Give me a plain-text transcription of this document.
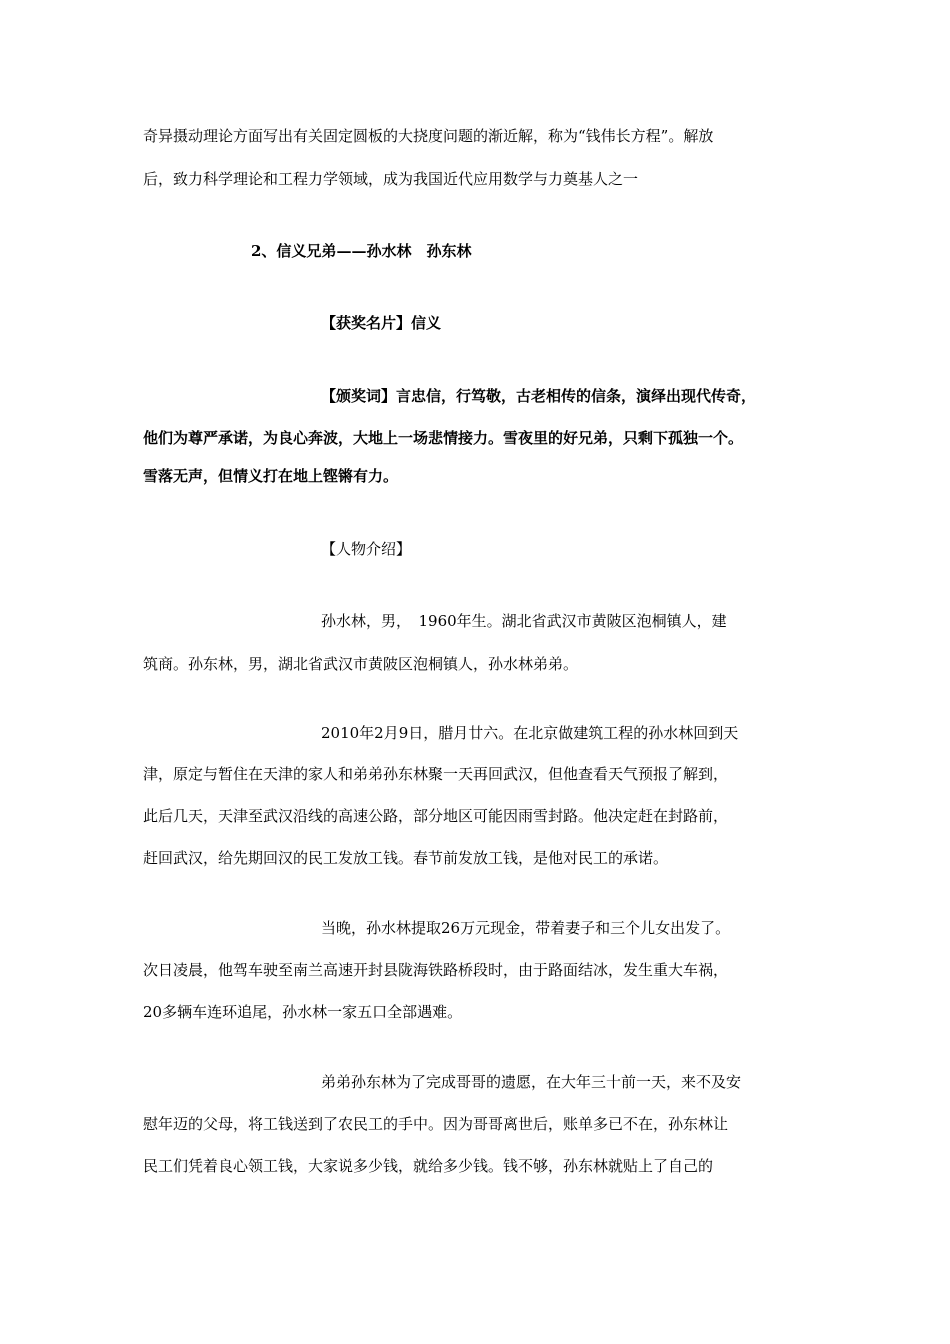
奇异摄动理论方面写出有关固定圆板的大挠度问题的渐近解，称为“钱伟长方程”。解放
后，致力科学理论和工程力学领域，成为我国近代应用数学与力奠基人之一
2、信义兄弟——孙水林　孙东林
【获奖名片】信义
【颁奖词】言忠信，行笃敬，古老相传的信条，演绎出现代传奇，
他们为尊严承诺，为良心奔波，大地上一场悲情接力。雪夜里的好兄弟，只剩下孤独一个。
雪落无声，但情义打在地上铿锵有力。
【人物介绍】
孙水林，男，　1960年生。湖北省武汉市黄陂区泡桐镇人，建
筑商。孙东林，男，湖北省武汉市黄陂区泡桐镇人，孙水林弟弟。
2010年2月9日，腊月廿六。在北京做建筑工程的孙水林回到天
津，原定与暂住在天津的家人和弟弟孙东林聚一天再回武汉，但他查看天气预报了解到，
此后几天，天津至武汉沿线的高速公路，部分地区可能因雨雪封路。他决定赶在封路前，
赶回武汉，给先期回汉的民工发放工钱。春节前发放工钱，是他对民工的承诺。
当晚，孙水林提取26万元现金，带着妻子和三个儿女出发了。
次日凌晨，他驾车驶至南兰高速开封县陇海铁路桥段时，由于路面结冰，发生重大车祸，
20多辆车连环追尾，孙水林一家五口全部遇难。
弟弟孙东林为了完成哥哥的遗愿，在大年三十前一天，来不及安
慰年迈的父母，将工钱送到了农民工的手中。因为哥哥离世后，账单多已不在，孙东林让
民工们凭着良心领工钱，大家说多少钱，就给多少钱。钱不够，孙东林就贴上了自己的
